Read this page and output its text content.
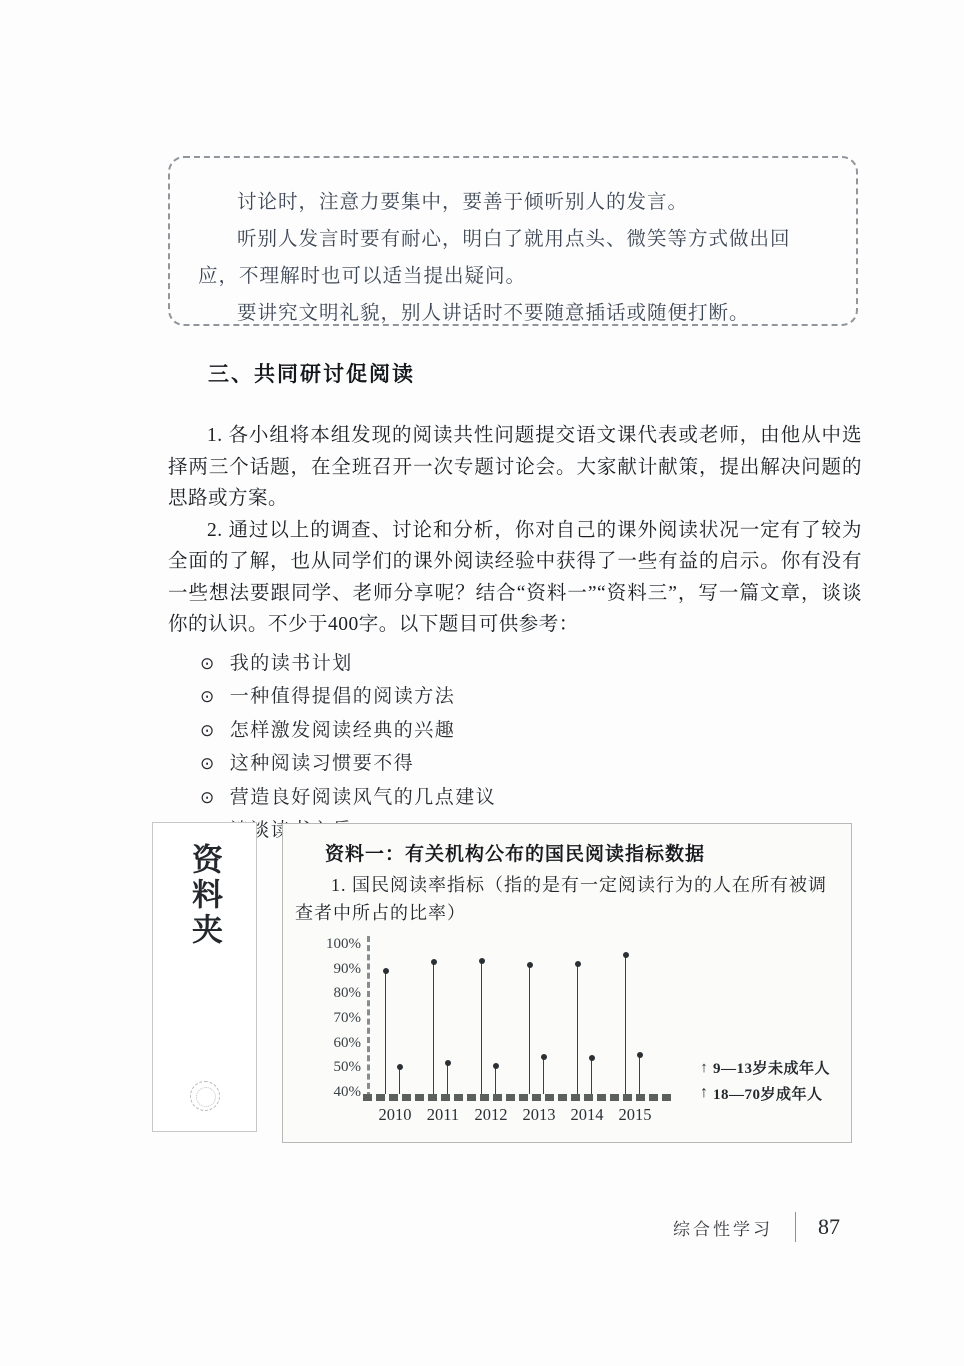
讨论时，注意力要集中，要善于倾听别人的发言。

听别人发言时要有耐心，明白了就用点头、微笑等方式做出回应，不理解时也可以适当提出疑问。

要讲究文明礼貌，别人讲话时不要随意插话或随便打断。

三、共同研讨促阅读

1. 各小组将本组发现的阅读共性问题提交语文课代表或老师，由他从中选择两三个话题，在全班召开一次专题讨论会。大家献计献策，提出解决问题的思路或方案。

2. 通过以上的调查、讨论和分析，你对自己的课外阅读状况一定有了较为全面的了解，也从同学们的课外阅读经验中获得了一些有益的启示。你有没有一些想法要跟同学、老师分享呢？结合“资料一”“资料三”，写一篇文章，谈谈你的认识。不少于400字。以下题目可供参考：

⊙ 我的读书计划
⊙ 一种值得提倡的阅读方法
⊙ 怎样激发阅读经典的兴趣
⊙ 这种阅读习惯要不得
⊙ 营造良好阅读风气的几点建议
资料夹	资料一：有关机构公布的国民阅读指标数据
1. 国民阅读率指标（指的是有一定阅读行为的人在所有被调查者中所占的比率）
↑ 9—13岁未成年人
↑ 18—70岁成年人
100%
90%
80%
70%
60%
50%
40%
2010 2011 2012 2013 2014 2015
综合性学习 87
